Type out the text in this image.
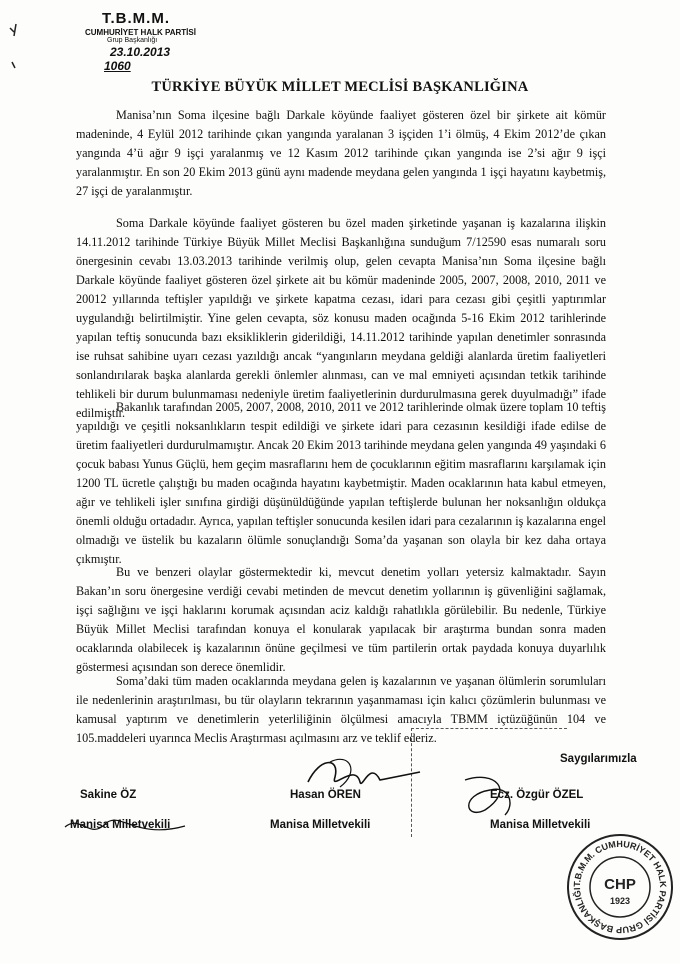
T.B.M.M.
CUMHURİYET HALK PARTİSİ
Grup Başkanlığı
23.10.2013
1060
TÜRKİYE BÜYÜK MİLLET MECLİSİ BAŞKANLIĞINA

Manisa’nın Soma ilçesine bağlı Darkale köyünde faaliyet gösteren özel bir şirkete ait kömür madeninde, 4 Eylül 2012 tarihinde çıkan yangında yaralanan 3 işçiden 1’i ölmüş, 4 Ekim 2012’de çıkan yangında 4’ü ağır 9 işçi yaralanmış ve 12 Kasım 2012 tarihinde çıkan yangında ise 2’si ağır 9 işçi yaralanmıştır. En son 20 Ekim 2013 günü aynı madende meydana gelen yangında 1 işçi hayatını kaybetmiş, 27 işçi de yaralanmıştır.

Soma Darkale köyünde faaliyet gösteren bu özel maden şirketinde yaşanan iş kazalarına ilişkin 14.11.2012 tarihinde Türkiye Büyük Millet Meclisi Başkanlığına sunduğum 7/12590 esas numaralı soru önergesinin cevabı 13.03.2013 tarihinde verilmiş olup, gelen cevapta Manisa’nın Soma ilçesine bağlı Darkale köyünde faaliyet gösteren özel şirkete ait bu kömür madeninde 2005, 2007, 2008, 2010, 2011 ve 20012 yıllarında teftişler yapıldığı ve şirkete kapatma cezası, idari para cezası gibi çeşitli yaptırımlar uygulandığı belirtilmiştir. Yine gelen cevapta, söz konusu maden ocağında 5-16 Ekim 2012 tarihlerinde yapılan teftiş sonucunda bazı eksikliklerin giderildiği, 14.11.2012 tarihinde yapılan denetimler sonrasında ise ruhsat sahibine uyarı cezası yazıldığı ancak “yangınların meydana geldiği alanlarda üretim faaliyetleri sonlandırılarak başka alanlarda gerekli önlemler alınması, can ve mal emniyeti açısından tetkik tarihinde tehlikeli bir durum bulunmaması nedeniyle üretim faaliyetlerinin durdurulmasına gerek duyulmadığı” ifade edilmiştir.

Bakanlık tarafından 2005, 2007, 2008, 2010, 2011 ve 2012 tarihlerinde olmak üzere toplam 10 teftiş yapıldığı ve çeşitli noksanlıkların tespit edildiği ve şirkete idari para cezasının kesildiği ifade edilse de üretim faaliyetleri durdurulmamıştır. Ancak 20 Ekim 2013 tarihinde meydana gelen yangında 49 yaşındaki 6 çocuk babası Yunus Güçlü, hem geçim masraflarını hem de çocuklarının eğitim masraflarını karşılamak için 1200 TL ücretle çalıştığı bu maden ocağında hayatını kaybetmiştir. Maden ocaklarının hata kabul etmeyen, ağır ve tehlikeli işler sınıfına girdiği düşünüldüğünde yapılan teftişlerde bulunan her noksanlığın oldukça önemli olduğu ortadadır. Ayrıca, yapılan teftişler sonucunda kesilen idari para cezalarının iş kazalarına engel olmadığı ve üstelik bu kazaların ölümle sonuçlandığı Soma’da yaşanan son olayla bir kez daha ortaya çıkmıştır.

Bu ve benzeri olaylar göstermektedir ki, mevcut denetim yolları yetersiz kalmaktadır. Sayın Bakan’ın soru önergesine verdiği cevabi metinden de mevcut denetim yollarının iş güvenliğini sağlamak, işçi sağlığını ve işçi haklarını korumak açısından aciz kaldığı rahatlıkla görülebilir. Bu nedenle, Türkiye Büyük Millet Meclisi tarafından konuya el konularak yapılacak bir araştırma bundan sonra maden ocaklarında olabilecek iş kazalarının önüne geçilmesi ve tüm partilerin ortak paydada konuya duyarlılık göstermesi açısından son derece önemlidir.

Soma’daki tüm maden ocaklarında meydana gelen iş kazalarının ve yaşanan ölümlerin sorumluları ile nedenlerinin araştırılması, bu tür olayların tekrarının yaşanmaması için kalıcı çözümlerin bulunması ve kamusal yaptırım ve denetimlerin yeterliliğinin ölçülmesi amacıyla TBMM içtüzüğünün 104 ve 105.maddeleri uyarınca Meclis Araştırması açılmasını arz ve teklif ederiz.

Saygılarımızla
Sakine ÖZ
Manisa Milletvekili
Hasan ÖREN
Manisa Milletvekili
Ecz. Özgür ÖZEL
Manisa Milletvekili
T.B.M.M. CUMHURİYET HALK PARTİSİ GRUP BAŞKANLIĞI	CHP
1923
